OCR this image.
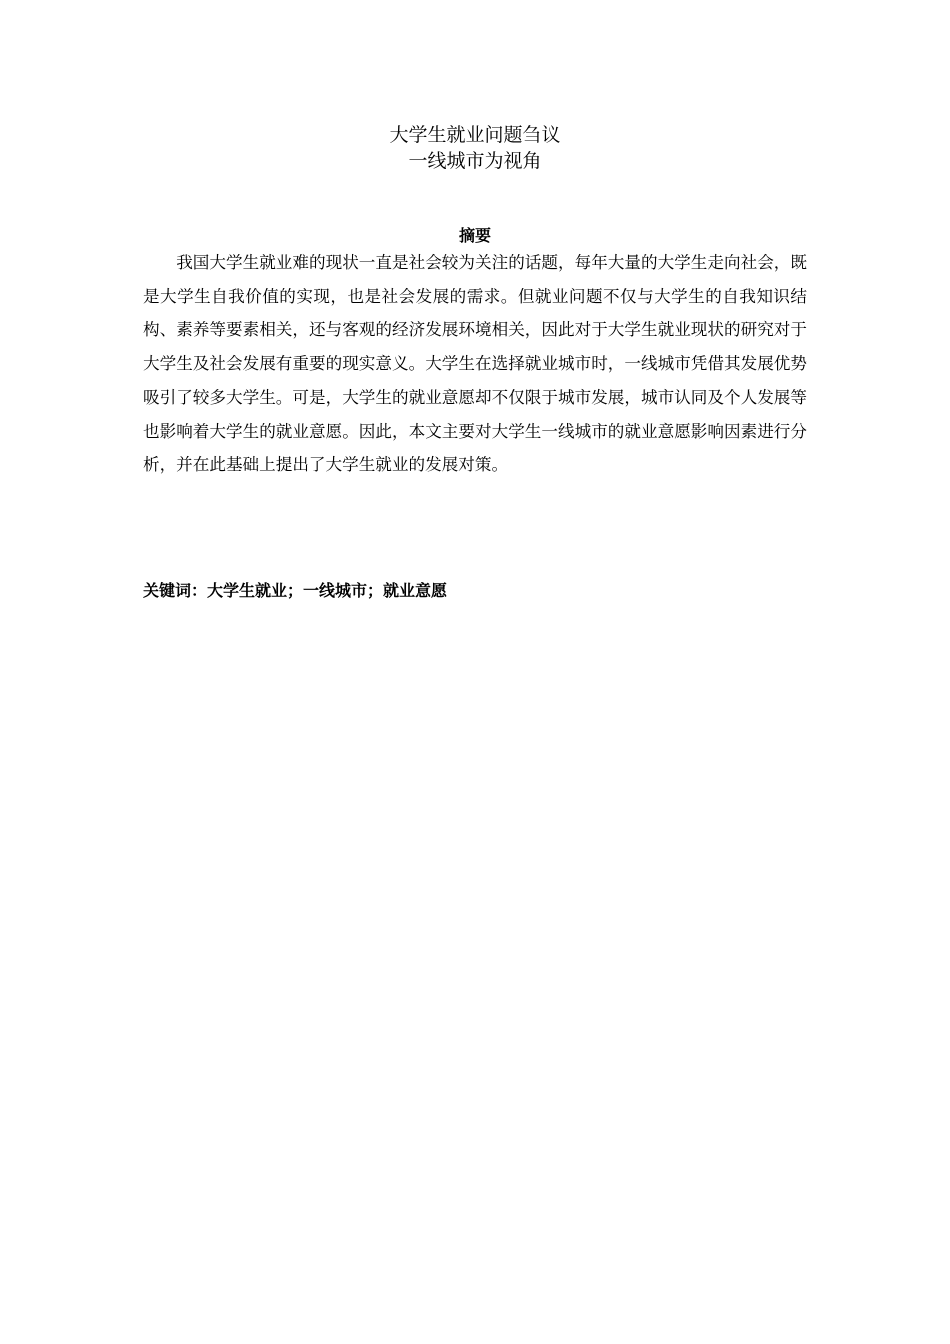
大学生就业问题刍议
一线城市为视角
摘要

我国大学生就业难的现状一直是社会较为关注的话题，每年大量的大学生走向社会，既是大学生自我价值的实现，也是社会发展的需求。但就业问题不仅与大学生的自我知识结构、素养等要素相关，还与客观的经济发展环境相关，因此对于大学生就业现状的研究对于大学生及社会发展有重要的现实意义。大学生在选择就业城市时，一线城市凭借其发展优势吸引了较多大学生。可是，大学生的就业意愿却不仅限于城市发展，城市认同及个人发展等也影响着大学生的就业意愿。因此，本文主要对大学生一线城市的就业意愿影响因素进行分析，并在此基础上提出了大学生就业的发展对策。

关键词：大学生就业；一线城市；就业意愿
